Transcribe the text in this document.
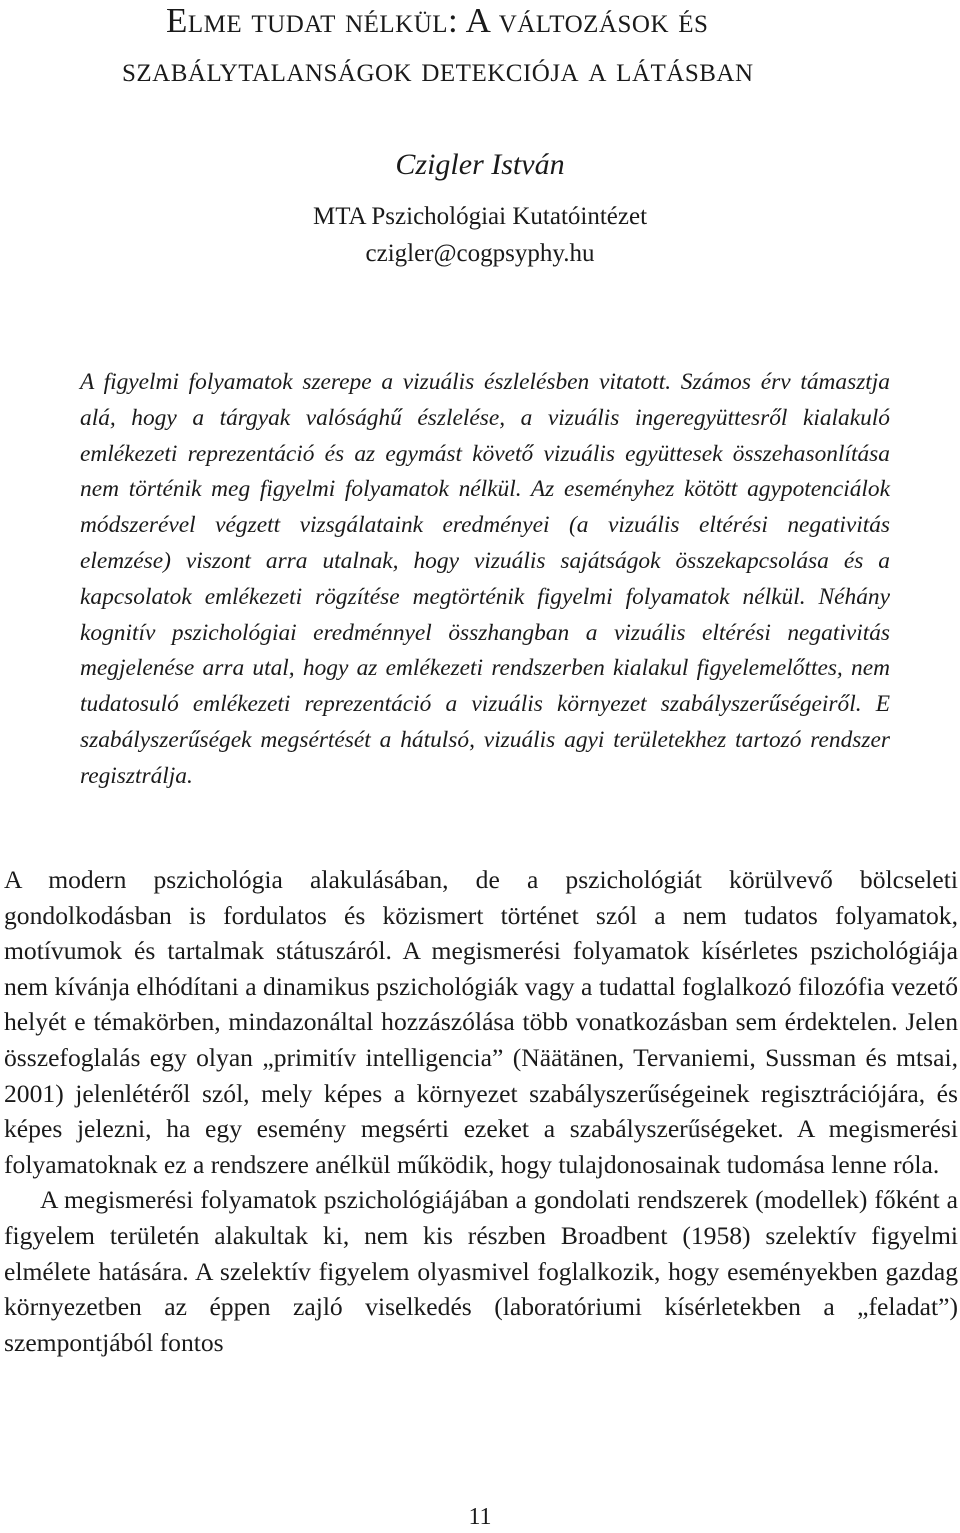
Elme tudat nélkül: A változások és
szabálytalanságok detekciója a látásban
Czigler István
MTA Pszichológiai Kutatóintézet
czigler@cogpsyphy.hu

A figyelmi folyamatok szerepe a vizuális észlelésben vitatott. Számos érv támasztja alá, hogy a tárgyak valósághű észlelése, a vizuális ingeregyüttesről kialakuló emlékezeti reprezentáció és az egymást követő vizuális együttesek összehasonlítása nem történik meg figyelmi folyamatok nélkül. Az eseményhez kötött agypotenciálok módszerével végzett vizsgálataink eredményei (a vizuális eltérési negativitás elemzése) viszont arra utalnak, hogy vizuális sajátságok összekapcsolása és a kapcsolatok emlékezeti rögzítése megtörténik figyelmi folyamatok nélkül. Néhány kognitív pszichológiai eredménnyel összhangban a vizuális eltérési negativitás megjelenése arra utal, hogy az emlékezeti rendszerben kialakul figyelemelőttes, nem tudatosuló emlékezeti reprezentáció a vizuális környezet szabályszerűségeiről. E szabályszerűségek megsértését a hátulsó, vizuális agyi területekhez tartozó rendszer regisztrálja.

A modern pszichológia alakulásában, de a pszichológiát körülvevő bölcseleti gondolkodásban is fordulatos és közismert történet szól a nem tudatos folyamatok, motívumok és tartalmak státuszáról. A megismerési folyamatok kísérletes pszichológiája nem kívánja elhódítani a dinamikus pszichológiák vagy a tudattal foglalkozó filozófia vezető helyét e témakörben, mindazonáltal hozzászólása több vonatkozásban sem érdektelen. Jelen összefoglalás egy olyan „primitív intelligencia” (Näätänen, Tervaniemi, Sussman és mtsai, 2001) jelenlétéről szól, mely képes a környezet szabályszerűségeinek regisztrációjára, és képes jelezni, ha egy esemény megsérti ezeket a szabályszerűségeket. A megismerési folyamatoknak ez a rendszere anélkül működik, hogy tulajdonosainak tudomása lenne róla.

A megismerési folyamatok pszichológiájában a gondolati rendszerek (modellek) főként a figyelem területén alakultak ki, nem kis részben Broadbent (1958) szelektív figyelmi elmélete hatására. A szelektív figyelem olyasmivel foglalkozik, hogy eseményekben gazdag környezetben az éppen zajló viselkedés (laboratóriumi kísérletekben a „feladat”) szempontjából fontos

11
